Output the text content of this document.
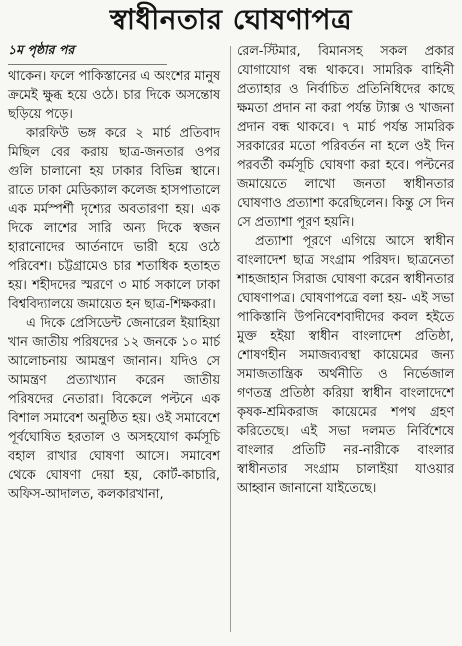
স্বাধীনতার ঘোষণাপত্র
১ম পৃষ্ঠার পর

থাকেন। ফলে পাকিস্তানের এ অংশের মানুষ ক্রমেই ক্ষুব্ধ হয়ে ওঠে। চার দিকে অসন্তোষ ছড়িয়ে পড়ে।

কারফিউ ভঙ্গ করে ২ মার্চ প্রতিবাদ মিছিল বের করায় ছাত্র-জনতার ওপর গুলি চালানো হয় ঢাকার বিভিন্ন স্থানে। রাতে ঢাকা মেডিক্যাল কলেজ হাসপাতালে এক মর্মস্পর্শী দৃশ্যের অবতারণা হয়। এক দিকে লাশের সারি অন্য দিকে স্বজন হারানোদের আর্তনাদে ভারী হয়ে ওঠে পরিবেশ। চট্টগ্রামেও চার শতাধিক হতাহত হয়। শহীদদের স্মরণে ৩ মার্চ সকালে ঢাকা বিশ্ববিদ্যালয়ে জমায়েত হন ছাত্র-শিক্ষকরা।

এ দিকে প্রেসিডেন্ট জেনারেল ইয়াহিয়া খান জাতীয় পরিষদের ১২ জনকে ১০ মার্চ আলোচনায় আমন্ত্রণ জানান। যদিও সে আমন্ত্রণ প্রত্যাখ্যান করেন জাতীয় পরিষদের নেতারা। বিকেলে পল্টনে এক বিশাল সমাবেশ অনুষ্ঠিত হয়। ওই সমাবেশে পূর্বঘোষিত হরতাল ও অসহযোগ কর্মসূচি বহাল রাখার ঘোষণা আসে। সমাবেশ থেকে ঘোষণা দেয়া হয়, কোর্ট-কাচারি, অফিস-আদালত, কলকারখানা,

রেল-স্টিমার, বিমানসহ সকল প্রকার যোগাযোগ বন্ধ থাকবে। সামরিক বাহিনী প্রত্যাহার ও নির্বাচিত প্রতিনিধিদের কাছে ক্ষমতা প্রদান না করা পর্যন্ত ট্যাক্স ও খাজনা প্রদান বন্ধ থাকবে। ৭ মার্চ পর্যন্ত সামরিক সরকারের মতো পরিবর্তন না হলে ওই দিন পরবর্তী কর্মসূচি ঘোষণা করা হবে। পল্টনের জমায়েতে লাখো জনতা স্বাধীনতার ঘোষণাও প্রত্যাশা করেছিলেন। কিন্তু সে দিন সে প্রত্যাশা পূরণ হয়নি।

প্রত্যাশা পূরণে এগিয়ে আসে স্বাধীন বাংলাদেশ ছাত্র সংগ্রাম পরিষদ। ছাত্রনেতা শাহজাহান সিরাজ ঘোষণা করেন স্বাধীনতার ঘোষণাপত্র। ঘোষণাপত্রে বলা হয়- এই সভা পাকিস্তানি উপনিবেশবাদীদের কবল হইতে মুক্ত হইয়া স্বাধীন বাংলাদেশ প্রতিষ্ঠা, শোষণহীন সমাজব্যবস্থা কায়েমের জন্য সমাজতান্ত্রিক অর্থনীতি ও নির্ভেজাল গণতন্ত্র প্রতিষ্ঠা করিয়া স্বাধীন বাংলাদেশে কৃষক-শ্রমিকরাজ কায়েমের শপথ গ্রহণ করিতেছে। এই সভা দলমত নির্বিশেষে বাংলার প্রতিটি নর-নারীকে বাংলার স্বাধীনতার সংগ্রাম চালাইয়া যাওয়ার আহ্বান জানানো যাইতেছে।
